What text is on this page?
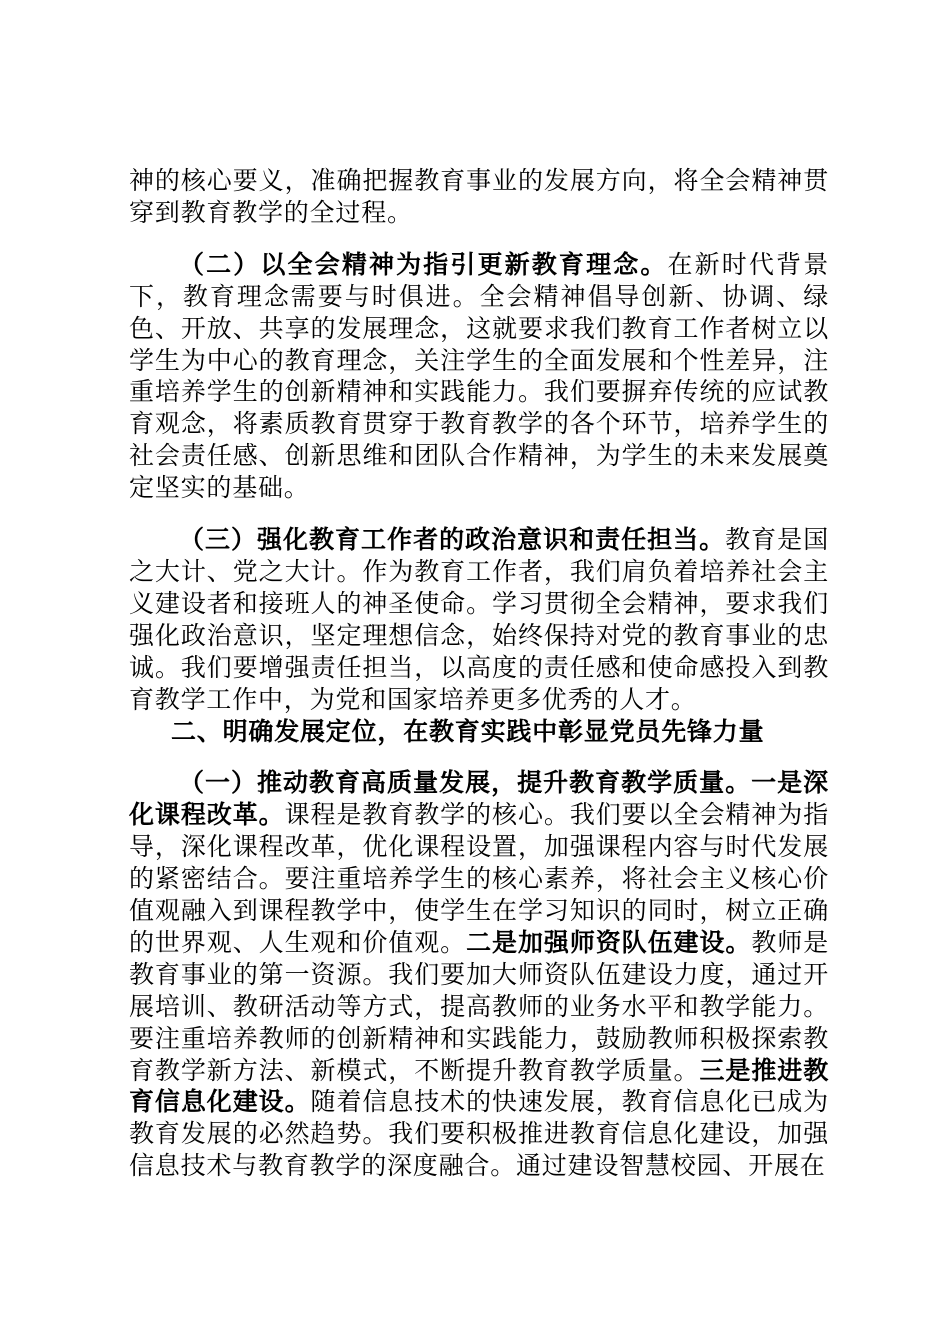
神的核心要义，准确把握教育事业的发展方向，将全会精神贯穿到教育教学的全过程。

（二）以全会精神为指引更新教育理念。在新时代背景下，教育理念需要与时俱进。全会精神倡导创新、协调、绿色、开放、共享的发展理念，这就要求我们教育工作者树立以学生为中心的教育理念，关注学生的全面发展和个性差异，注重培养学生的创新精神和实践能力。我们要摒弃传统的应试教育观念，将素质教育贯穿于教育教学的各个环节，培养学生的社会责任感、创新思维和团队合作精神，为学生的未来发展奠定坚实的基础。

（三）强化教育工作者的政治意识和责任担当。教育是国之大计、党之大计。作为教育工作者，我们肩负着培养社会主义建设者和接班人的神圣使命。学习贯彻全会精神，要求我们强化政治意识，坚定理想信念，始终保持对党的教育事业的忠诚。我们要增强责任担当，以高度的责任感和使命感投入到教育教学工作中，为党和国家培养更多优秀的人才。

二、明确发展定位，在教育实践中彰显党员先锋力量

（一）推动教育高质量发展，提升教育教学质量。一是深化课程改革。课程是教育教学的核心。我们要以全会精神为指导，深化课程改革，优化课程设置，加强课程内容与时代发展的紧密结合。要注重培养学生的核心素养，将社会主义核心价值观融入到课程教学中，使学生在学习知识的同时，树立正确的世界观、人生观和价值观。二是加强师资队伍建设。教师是教育事业的第一资源。我们要加大师资队伍建设力度，通过开展培训、教研活动等方式，提高教师的业务水平和教学能力。要注重培养教师的创新精神和实践能力，鼓励教师积极探索教育教学新方法、新模式，不断提升教育教学质量。三是推进教育信息化建设。随着信息技术的快速发展，教育信息化已成为教育发展的必然趋势。我们要积极推进教育信息化建设，加强信息技术与教育教学的深度融合。通过建设智慧校园、开展在
